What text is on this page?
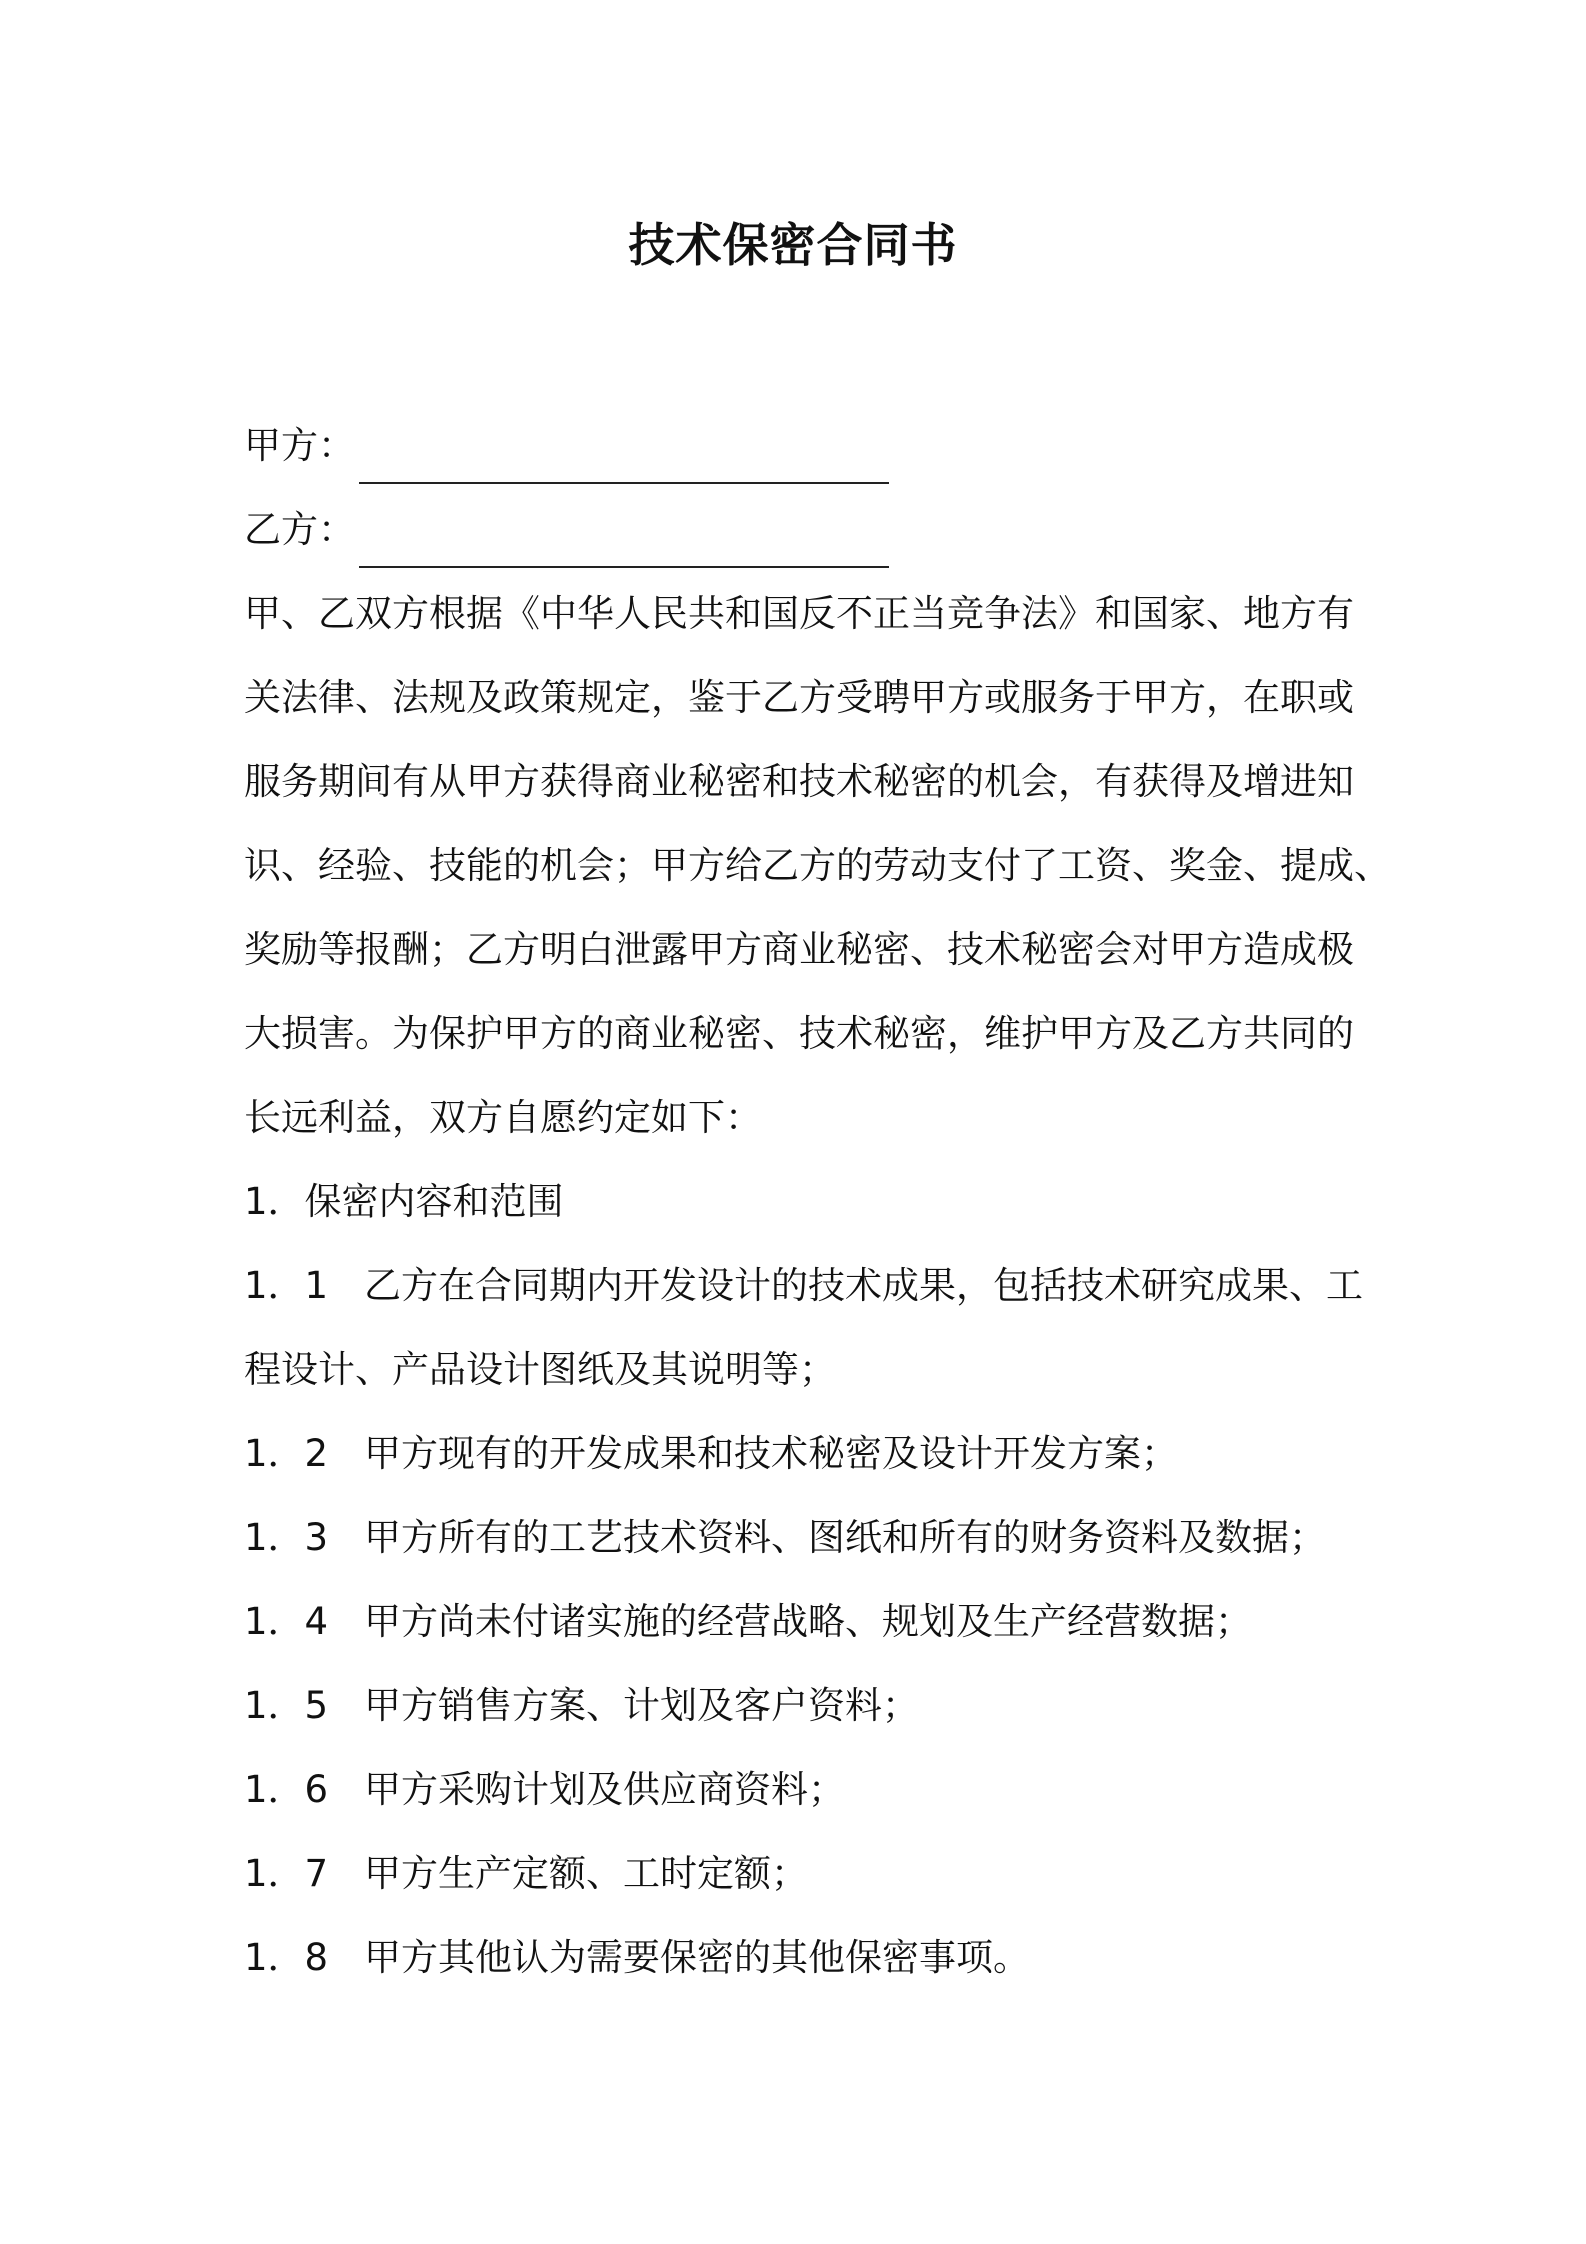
技术保密合同书
甲方：
乙方：
甲、乙双方根据《中华人民共和国反不正当竞争法》和国家、地方有
关法律、法规及政策规定，鉴于乙方受聘甲方或服务于甲方，在职或
服务期间有从甲方获得商业秘密和技术秘密的机会，有获得及增进知
识、经验、技能的机会；甲方给乙方的劳动支付了工资、奖金、提成、
奖励等报酬；乙方明白泄露甲方商业秘密、技术秘密会对甲方造成极
大损害。为保护甲方的商业秘密、技术秘密，维护甲方及乙方共同的
长远利益，双方自愿约定如下：
1．保密内容和范围
1．1 乙方在合同期内开发设计的技术成果，包括技术研究成果、工
程设计、产品设计图纸及其说明等；
1．2 甲方现有的开发成果和技术秘密及设计开发方案；
1．3 甲方所有的工艺技术资料、图纸和所有的财务资料及数据；
1．4 甲方尚未付诸实施的经营战略、规划及生产经营数据；
1．5 甲方销售方案、计划及客户资料；
1．6 甲方采购计划及供应商资料；
1．7 甲方生产定额、工时定额；
1．8 甲方其他认为需要保密的其他保密事项。
